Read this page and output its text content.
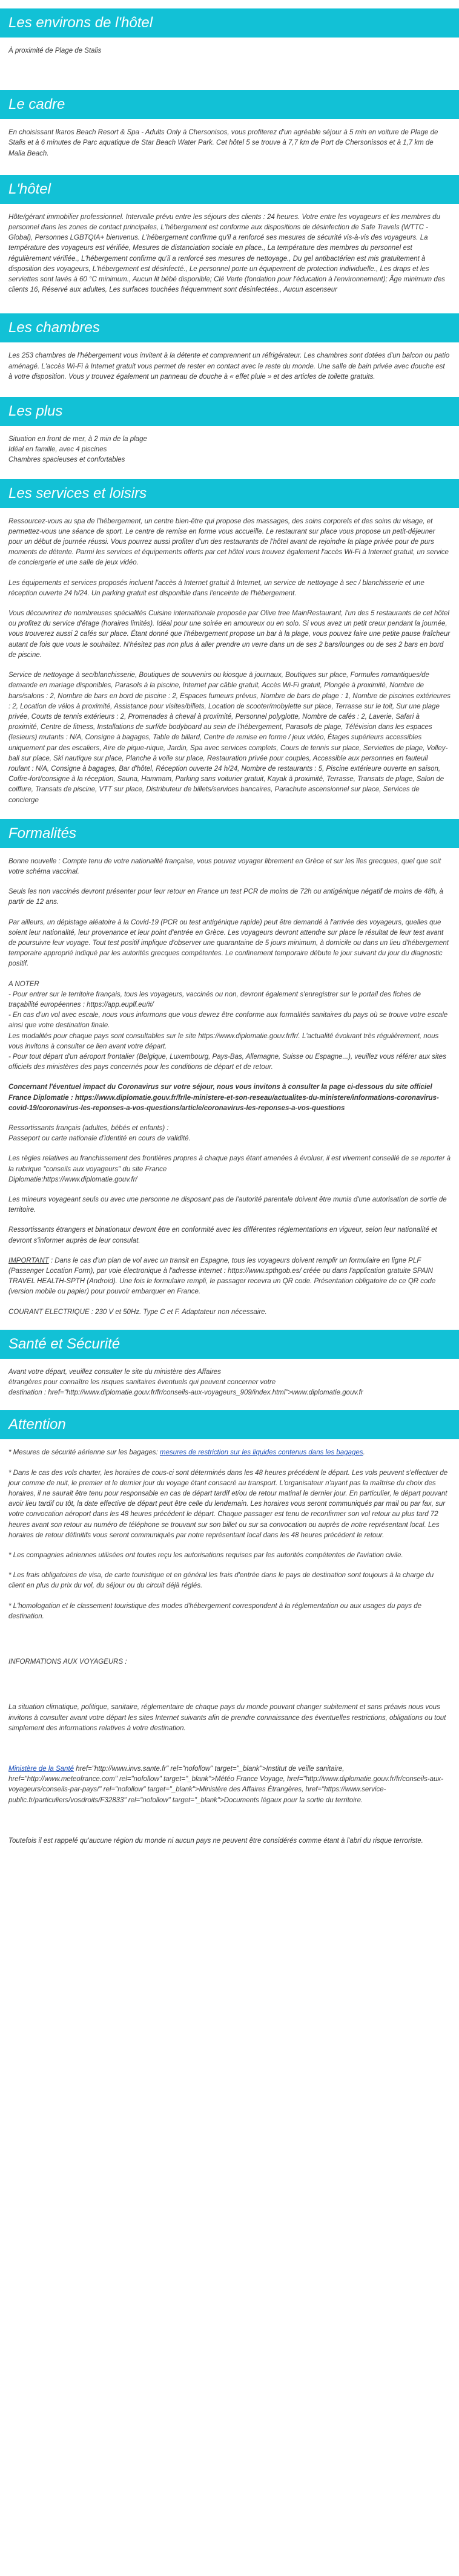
Les environs de l'hôtel

À proximité de Plage de Stalis

Le cadre

En choisissant Ikaros Beach Resort & Spa - Adults Only à Chersonisos, vous profiterez d'un agréable séjour à 5 min en voiture de Plage de Stalis et à 6 minutes de Parc aquatique de Star Beach Water Park. Cet hôtel 5 se trouve à 7,7 km de Port de Chersonissos et à 1,7 km de Malia Beach.

L'hôtel

Hôte/gérant immobilier professionnel. Intervalle prévu entre les séjours des clients : 24 heures. Votre entre les voyageurs et les membres du personnel dans les zones de contact principales, L'hébergement est conforme aux dispositions de désinfection de Safe Travels (WTTC - Global), Personnes LGBTQIA+ bienvenus. L'hébergement confirme qu'il a renforcé ses mesures de sécurité vis-à-vis des voyageurs. La température des voyageurs est vérifiée, Mesures de distanciation sociale en place., La température des membres du personnel est régulièrement vérifiée., L'hébergement confirme qu'il a renforcé ses mesures de nettoyage., Du gel antibactérien est mis gratuitement à disposition des voyageurs, L'hébergement est désinfecté., Le personnel porte un équipement de protection individuelle., Les draps et les serviettes sont lavés à 60 °C minimum., Aucun lit bébé disponible; Clé Verte (fondation pour l'éducation à l'environnement); Âge minimum des clients 16, Réservé aux adultes, Les surfaces touchées fréquemment sont désinfectées., Aucun ascenseur

Les chambres

Les 253 chambres de l'hébergement vous invitent à la détente et comprennent un réfrigérateur. Les chambres sont dotées d'un balcon ou patio aménagé. L'accès Wi-Fi à Internet gratuit vous permet de rester en contact avec le reste du monde. Une salle de bain privée avec douche est à votre disposition. Vous y trouvez également un panneau de douche à « effet pluie » et des articles de toilette gratuits.

Les plus

Situation en front de mer, à 2 min de la plage
Idéal en famille, avec 4 piscines
Chambres spacieuses et confortables

Les services et loisirs

Ressourcez-vous au spa de l'hébergement, un centre bien-être qui propose des massages, des soins corporels et des soins du visage, et permettez-vous une séance de sport. Le centre de remise en forme vous accueille. Le restaurant sur place vous propose un petit-déjeuner pour un début de journée réussi. Vous pourrez aussi profiter d'un des restaurants de l'hôtel avant de rejoindre la plage privée pour de purs moments de détente. Parmi les services et équipements offerts par cet hôtel vous trouvez également l'accès Wi-Fi à Internet gratuit, un service de conciergerie et une salle de jeux vidéo.

Les équipements et services proposés incluent l'accès à Internet gratuit à Internet, un service de nettoyage à sec / blanchisserie et une réception ouverte 24 h/24. Un parking gratuit est disponible dans l'enceinte de l'hébergement.

Vous découvrirez de nombreuses spécialités Cuisine internationale proposée par Olive tree MainRestaurant, l'un des 5 restaurants de cet hôtel ou profitez du service d'étage (horaires limités). Idéal pour une soirée en amoureux ou en solo. Si vous avez un petit creux pendant la journée, vous trouverez aussi 2 cafés sur place. Étant donné que l'hébergement propose un bar à la plage, vous pouvez faire une petite pause fraîcheur autant de fois que vous le souhaitez. N'hésitez pas non plus à aller prendre un verre dans un de ses 2 bars/lounges ou de ses 2 bars en bord de piscine.

Service de nettoyage à sec/blanchisserie, Boutiques de souvenirs ou kiosque à journaux, Boutiques sur place, Formules romantiques/de demande en mariage disponibles, Parasols à la piscine, Internet par câble gratuit, Accès Wi-Fi gratuit, Plongée à proximité, Nombre de bars/salons : 2, Nombre de bars en bord de piscine : 2, Espaces fumeurs prévus, Nombre de bars de plage : 1, Nombre de piscines extérieures : 2, Location de vélos à proximité, Assistance pour visites/billets, Location de scooter/mobylette sur place, Terrasse sur le toit, Sur une plage privée, Courts de tennis extérieurs : 2, Promenades à cheval à proximité, Personnel polyglotte, Nombre de cafés : 2, Laverie, Safari à proximité, Centre de fitness, Installations de surf/de bodyboard au sein de l'hébergement, Parasols de plage, Télévision dans les espaces (lesieurs) mutants : N/A, Consigne à bagages, Table de billard, Centre de remise en forme / jeux vidéo, Étages supérieurs accessibles uniquement par des escaliers, Aire de pique-nique, Jardin, Spa avec services complets, Cours de tennis sur place, Serviettes de plage, Volley-ball sur place, Ski nautique sur place, Planche à voile sur place, Restauration privée pour couples, Accessible aux personnes en fauteuil roulant : N/A, Consigne à bagages, Bar d'hôtel, Réception ouverte 24 h/24, Nombre de restaurants : 5, Piscine extérieure ouverte en saison, Coffre-fort/consigne à la réception, Sauna, Hammam, Parking sans voiturier gratuit, Kayak à proximité, Terrasse, Transats de plage, Salon de coiffure, Transats de piscine, VTT sur place, Distributeur de billets/services bancaires, Parachute ascensionnel sur place, Services de concierge

Formalités

Bonne nouvelle : Compte tenu de votre nationalité française, vous pouvez voyager librement en Grèce et sur les îles grecques, quel que soit votre schéma vaccinal.

Seuls les non vaccinés devront présenter pour leur retour en France un test PCR de moins de 72h ou antigénique négatif de moins de 48h, à partir de 12 ans.

Par ailleurs, un dépistage aléatoire à la Covid-19 (PCR ou test antigénique rapide) peut être demandé à l'arrivée des voyageurs, quelles que soient leur nationalité, leur provenance et leur point d'entrée en Grèce. Les voyageurs devront attendre sur place le résultat de leur test avant de poursuivre leur voyage. Tout test positif implique d'observer une quarantaine de 5 jours minimum, à domicile ou dans un lieu d'hébergement temporaire approprié indiqué par les autorités grecques compétentes. Le confinement temporaire débute le jour suivant du jour du diagnostic positif.

A NOTER
- Pour entrer sur le territoire français, tous les voyageurs, vaccinés ou non, devront également s'enregistrer sur le portail des fiches de traçabilité européennes : https://app.euplf.eu/#/
- En cas d'un vol avec escale, nous vous informons que vous devrez être conforme aux formalités sanitaires du pays où se trouve votre escale ainsi que votre destination finale.
Les modalités pour chaque pays sont consultables sur le site https://www.diplomatie.gouv.fr/fr/. L'actualité évoluant très régulièrement, nous vous invitons à consulter ce lien avant votre départ.
- Pour tout départ d'un aéroport frontalier (Belgique, Luxembourg, Pays-Bas, Allemagne, Suisse ou Espagne...), veuillez vous référer aux sites officiels des ministères des pays concernés pour les conditions de départ et de retour.

Concernant l'éventuel impact du Coronavirus sur votre séjour, nous vous invitons à consulter la page ci-dessous du site officiel France Diplomatie : https://www.diplomatie.gouv.fr/fr/le-ministere-et-son-reseau/actualites-du-ministere/informations-coronavirus-covid-19/coronavirus-les-reponses-a-vos-questions/article/coronavirus-les-reponses-a-vos-questions

Ressortissants français (adultes, bébés et enfants) :
Passeport ou carte nationale d'identité en cours de validité.

Les règles relatives au franchissement des frontières propres à chaque pays étant amenées à évoluer, il est vivement conseillé de se reporter à la rubrique "conseils aux voyageurs" du site France
Diplomatie:https://www.diplomatie.gouv.fr/

Les mineurs voyageant seuls ou avec une personne ne disposant pas de l'autorité parentale doivent être munis d'une autorisation de sortie de territoire.

Ressortissants étrangers et binationaux devront être en conformité avec les différentes réglementations en vigueur, selon leur nationalité et devront s'informer auprès de leur consulat.

IMPORTANT : Dans le cas d'un plan de vol avec un transit en Espagne, tous les voyageurs doivent remplir un formulaire en ligne PLF (Passenger Location Form), par voie électronique à l'adresse internet : https://www.spthgob.es/ créée ou dans l'application gratuite SPAIN TRAVEL HEALTH-SPTH (Android). Une fois le formulaire rempli, le passager recevra un QR code. Présentation obligatoire de ce QR code (version mobile ou papier) pour pouvoir embarquer en France.

COURANT ELECTRIQUE : 230 V et 50Hz. Type C et F. Adaptateur non nécessaire.

Santé et Sécurité

Avant votre départ, veuillez consulter le site du ministère des Affaires
étrangères pour connaître les risques sanitaires éventuels qui peuvent concerner votre
destination : href="http://www.diplomatie.gouv.fr/fr/conseils-aux-voyageurs_909/index.html">www.diplomatie.gouv.fr

Attention

* Mesures de sécurité aérienne sur les bagages: mesures de restriction sur les liquides contenus dans les bagages.

* Dans le cas des vols charter, les horaires de cous-ci sont déterminés dans les 48 heures précédent le départ. Les vols peuvent s'effectuer de jour comme de nuit, le premier et le dernier jour du voyage étant consacré au transport. L'organisateur n'ayant pas la maîtrise du choix des horaires, il ne saurait être tenu pour responsable en cas de départ tardif et/ou de retour matinal le dernier jour. En particulier, le départ pouvant avoir lieu tardif ou tôt, la date effective de départ peut être celle du lendemain. Les horaires vous seront communiqués par mail ou par fax, sur votre convocation aéroport dans les 48 heures précédent le départ. Chaque passager est tenu de reconfirmer son vol retour au plus tard 72 heures avant son retour au numéro de téléphone se trouvant sur son billet ou sur sa convocation ou auprès de notre représentant local. Les horaires de retour définitifs vous seront communiqués par notre représentant local dans les 48 heures précédent le retour.

* Les compagnies aériennes utilisées ont toutes reçu les autorisations requises par les autorités compétentes de l'aviation civile.

* Les frais obligatoires de visa, de carte touristique et en général les frais d'entrée dans le pays de destination sont toujours à la charge du client en plus du prix du vol, du séjour ou du circuit déjà réglés.

* L'homologation et le classement touristique des modes d'hébergement correspondent à la réglementation ou aux usages du pays de destination.

INFORMATIONS AUX VOYAGEURS :

La situation climatique, politique, sanitaire, réglementaire de chaque pays du monde pouvant changer subitement et sans préavis nous vous invitons à consulter avant votre départ les sites Internet suivants afin de prendre connaissance des éventuelles restrictions, obligations ou tout simplement des informations relatives à votre destination.

Ministère de la Santé href="http://www.invs.sante.fr" rel="nofollow" target="_blank">Institut de veille sanitaire, href="http://www.meteofrance.com" rel="nofollow" target="_blank">Météo France Voyage, href="http://www.diplomatie.gouv.fr/fr/conseils-aux-voyageurs/conseils-par-pays/" rel="nofollow" target="_blank">Ministère des Affaires Étrangères, href="https://www.service-public.fr/particuliers/vosdroits/F32833" rel="nofollow" target="_blank">Documents légaux pour la sortie du territoire.

Toutefois il est rappelé qu'aucune région du monde ni aucun pays ne peuvent être considérés comme étant à l'abri du risque terroriste.
